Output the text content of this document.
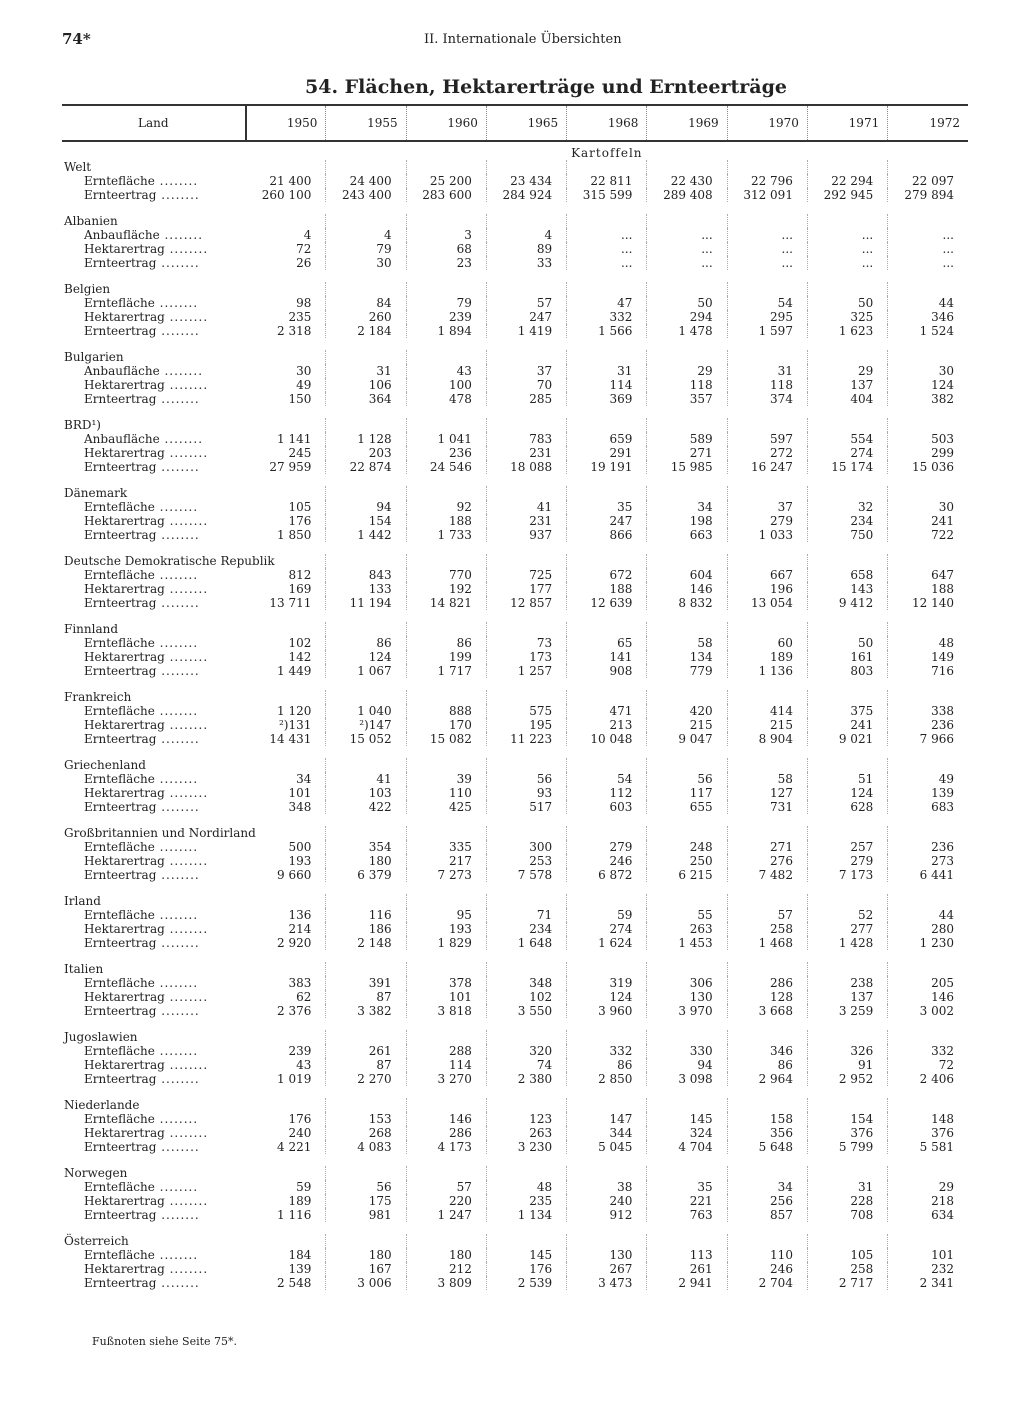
74*	II. Internationale Übersichten
54. Flächen, Hektarerträge und Ernteerträge
Land	1950	1955	1960	1965	1968	1969	1970	1971	1972
	Kartoffeln								
Welt									
Erntefläche ........	21 400	24 400	25 200	23 434	22 811	22 430	22 796	22 294	22 097
Ernteertrag ........	260 100	243 400	283 600	284 924	315 599	289 408	312 091	292 945	279 894

Albanien									
Anbaufläche ........	4	4	3	4	...	...	...	...	...
Hektarertrag ........	72	79	68	89	...	...	...	...	...
Ernteertrag ........	26	30	23	33	...	...	...	...	...

Belgien									
Erntefläche ........	98	84	79	57	47	50	54	50	44
Hektarertrag ........	235	260	239	247	332	294	295	325	346
Ernteertrag ........	2 318	2 184	1 894	1 419	1 566	1 478	1 597	1 623	1 524

Bulgarien									
Anbaufläche ........	30	31	43	37	31	29	31	29	30
Hektarertrag ........	49	106	100	70	114	118	118	137	124
Ernteertrag ........	150	364	478	285	369	357	374	404	382

BRD¹)									
Anbaufläche ........	1 141	1 128	1 041	783	659	589	597	554	503
Hektarertrag ........	245	203	236	231	291	271	272	274	299
Ernteertrag ........	27 959	22 874	24 546	18 088	19 191	15 985	16 247	15 174	15 036

Dänemark									
Erntefläche ........	105	94	92	41	35	34	37	32	30
Hektarertrag ........	176	154	188	231	247	198	279	234	241
Ernteertrag ........	1 850	1 442	1 733	937	866	663	1 033	750	722

Deutsche Demokratische Republik									
Erntefläche ........	812	843	770	725	672	604	667	658	647
Hektarertrag ........	169	133	192	177	188	146	196	143	188
Ernteertrag ........	13 711	11 194	14 821	12 857	12 639	8 832	13 054	9 412	12 140

Finnland									
Erntefläche ........	102	86	86	73	65	58	60	50	48
Hektarertrag ........	142	124	199	173	141	134	189	161	149
Ernteertrag ........	1 449	1 067	1 717	1 257	908	779	1 136	803	716

Frankreich									
Erntefläche ........	1 120	1 040	888	575	471	420	414	375	338
Hektarertrag ........	²)131	²)147	170	195	213	215	215	241	236
Ernteertrag ........	14 431	15 052	15 082	11 223	10 048	9 047	8 904	9 021	7 966

Griechenland									
Erntefläche ........	34	41	39	56	54	56	58	51	49
Hektarertrag ........	101	103	110	93	112	117	127	124	139
Ernteertrag ........	348	422	425	517	603	655	731	628	683

Großbritannien und Nordirland									
Erntefläche ........	500	354	335	300	279	248	271	257	236
Hektarertrag ........	193	180	217	253	246	250	276	279	273
Ernteertrag ........	9 660	6 379	7 273	7 578	6 872	6 215	7 482	7 173	6 441

Irland									
Erntefläche ........	136	116	95	71	59	55	57	52	44
Hektarertrag ........	214	186	193	234	274	263	258	277	280
Ernteertrag ........	2 920	2 148	1 829	1 648	1 624	1 453	1 468	1 428	1 230

Italien									
Erntefläche ........	383	391	378	348	319	306	286	238	205
Hektarertrag ........	62	87	101	102	124	130	128	137	146
Ernteertrag ........	2 376	3 382	3 818	3 550	3 960	3 970	3 668	3 259	3 002

Jugoslawien									
Erntefläche ........	239	261	288	320	332	330	346	326	332
Hektarertrag ........	43	87	114	74	86	94	86	91	72
Ernteertrag ........	1 019	2 270	3 270	2 380	2 850	3 098	2 964	2 952	2 406

Niederlande									
Erntefläche ........	176	153	146	123	147	145	158	154	148
Hektarertrag ........	240	268	286	263	344	324	356	376	376
Ernteertrag ........	4 221	4 083	4 173	3 230	5 045	4 704	5 648	5 799	5 581

Norwegen									
Erntefläche ........	59	56	57	48	38	35	34	31	29
Hektarertrag ........	189	175	220	235	240	221	256	228	218
Ernteertrag ........	1 116	981	1 247	1 134	912	763	857	708	634

Österreich									
Erntefläche ........	184	180	180	145	130	113	110	105	101
Hektarertrag ........	139	167	212	176	267	261	246	258	232
Ernteertrag ........	2 548	3 006	3 809	2 539	3 473	2 941	2 704	2 717	2 341
Fußnoten siehe Seite 75*.
